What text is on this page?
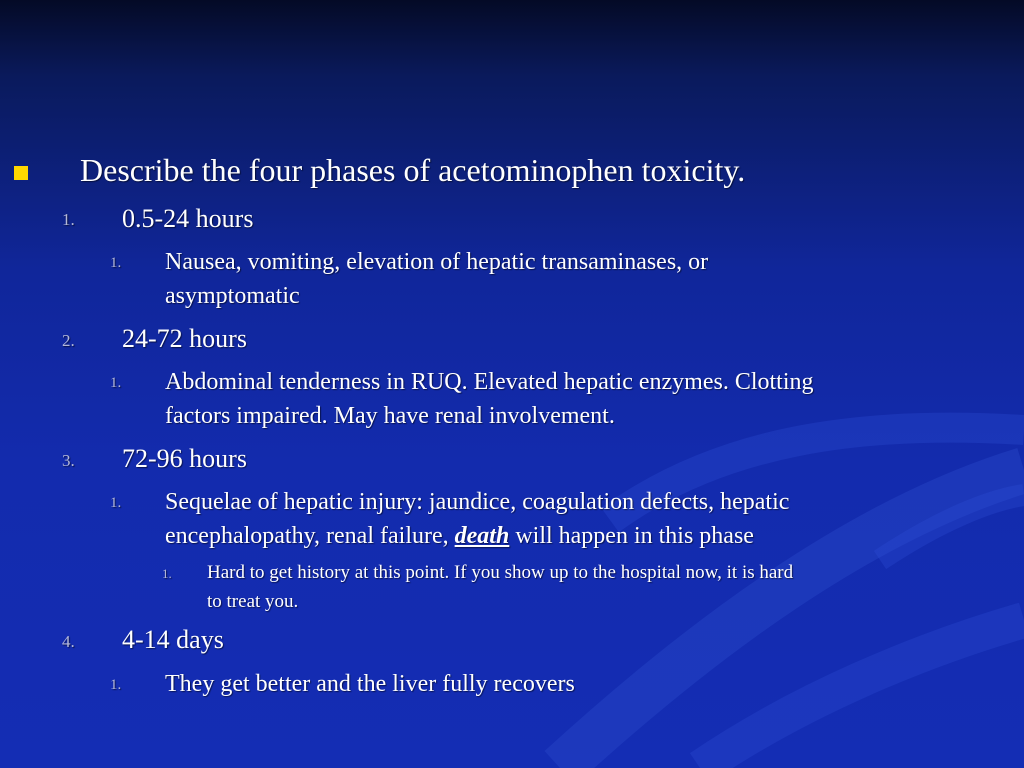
Describe the four phases of acetominophen toxicity.
1. 0.5-24 hours
1. Nausea, vomiting, elevation of hepatic transaminases, or
asymptomatic
2. 24-72 hours
1. Abdominal tenderness in RUQ. Elevated hepatic enzymes. Clotting
factors impaired. May have renal involvement.
3. 72-96 hours
1. Sequelae of hepatic injury: jaundice, coagulation defects, hepatic
encephalopathy, renal failure, death will happen in this phase
1. Hard to get history at this point. If you show up to the hospital now, it is hard
to treat you.
4. 4-14 days
1. They get better and the liver fully recovers
